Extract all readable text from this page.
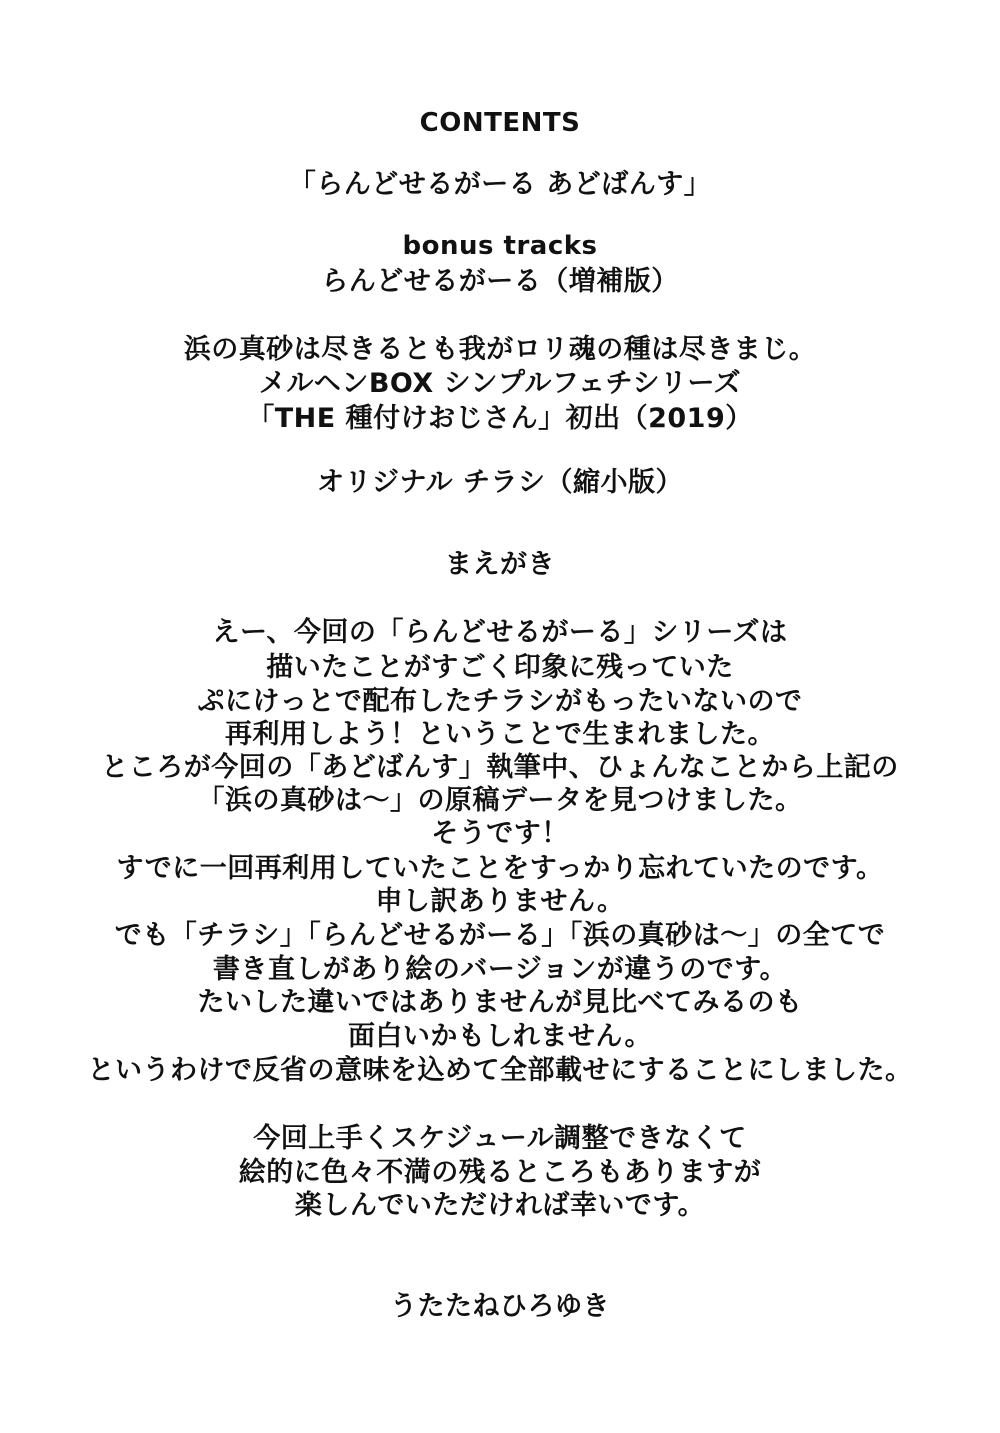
CONTENTS
「らんどせるがーる あどばんす」
bonus tracks
らんどせるがーる（増補版）
浜の真砂は尽きるとも我がロリ魂の種は尽きまじ。
メルヘンBOX シンプルフェチシリーズ
「THE 種付けおじさん」初出（2019）
オリジナル チラシ（縮小版）
まえがき
えー、今回の「らんどせるがーる」シリーズは
描いたことがすごく印象に残っていた
ぷにけっとで配布したチラシがもったいないので
再利用しよう！ということで生まれました。
ところが今回の「あどばんす」執筆中、ひょんなことから上記の
「浜の真砂は〜」の原稿データを見つけました。
そうです！
すでに一回再利用していたことをすっかり忘れていたのです。
申し訳ありません。
でも「チラシ」「らんどせるがーる」「浜の真砂は〜」の全てで
書き直しがあり絵のバージョンが違うのです。
たいした違いではありませんが見比べてみるのも
面白いかもしれません。
というわけで反省の意味を込めて全部載せにすることにしました。
今回上手くスケジュール調整できなくて
絵的に色々不満の残るところもありますが
楽しんでいただければ幸いです。
うたたねひろゆき
